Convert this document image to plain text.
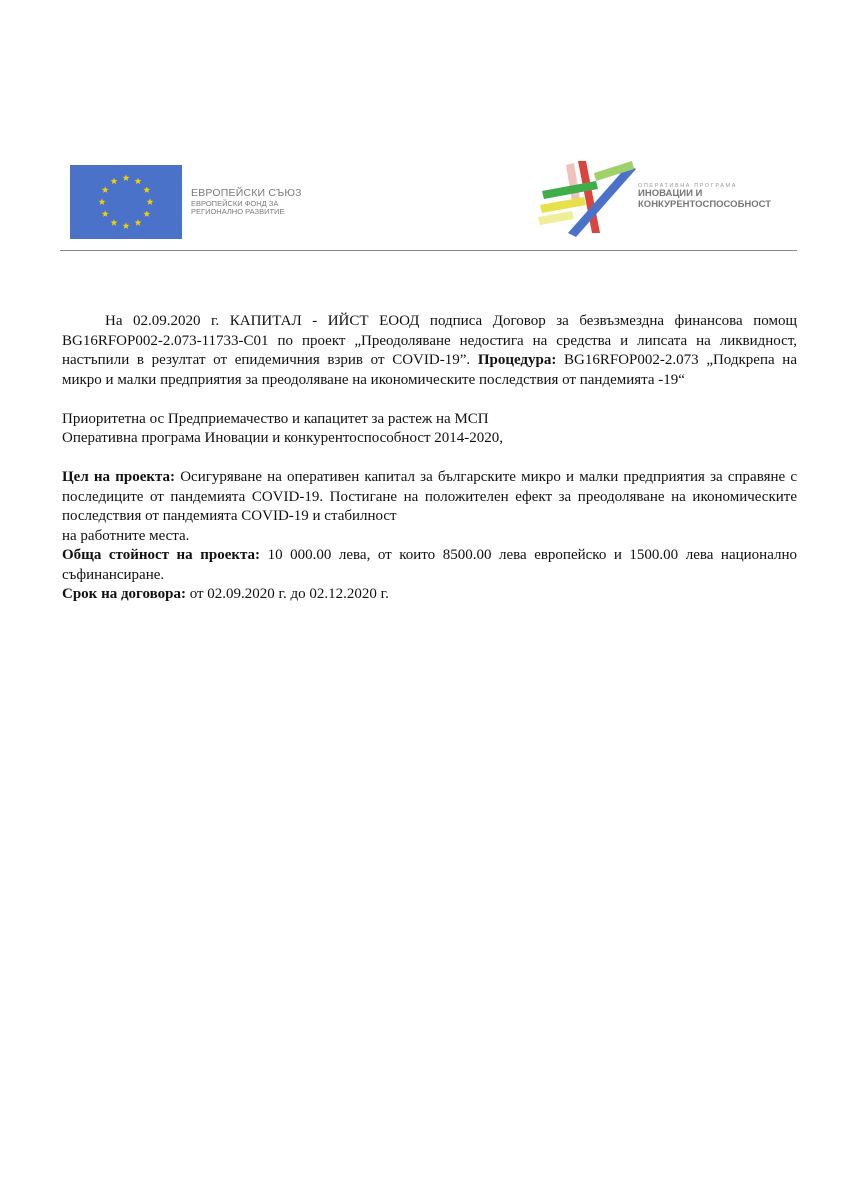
ЕВРОПЕЙСКИ СЪЮЗ
ЕВРОПЕЙСКИ ФОНД ЗА
РЕГИОНАЛНО РАЗВИТИЕ
ОПЕРАТИВНА ПРОГРАМА
ИНОВАЦИИ И
КОНКУРЕНТОСПОСОБНОСТ

На 02.09.2020 г. КАПИТАЛ - ИЙСТ ЕООД подписа Договор за безвъзмездна финансова помощ BG16RFOP002-2.073-11733-C01 по проект „Преодоляване недостига на средства и липсата на ликвидност, настъпили в резултат от епидемичния взрив от COVID-19”. Процедура: BG16RFOP002-2.073 „Подкрепа на микро и малки предприятия за преодоляване на икономическите последствия от пандемията -19“

Приоритетна ос Предприемачество и капацитет за растеж на МСП

Оперативна програма Иновации и конкурентоспособност 2014-2020,

Цел на проекта: Осигуряване на оперативен капитал за българските микро и малки предприятия за справяне с последиците от пандемията COVID-19. Постигане на положителен ефект за преодоляване на икономическите последствия от пандемията COVID-19 и стабилност

на работните места.

Обща стойност на проекта: 10 000.00 лева, от които 8500.00 лева европейско и 1500.00 лева национално съфинансиране.

Срок на договора: от 02.09.2020 г. до 02.12.2020 г.
